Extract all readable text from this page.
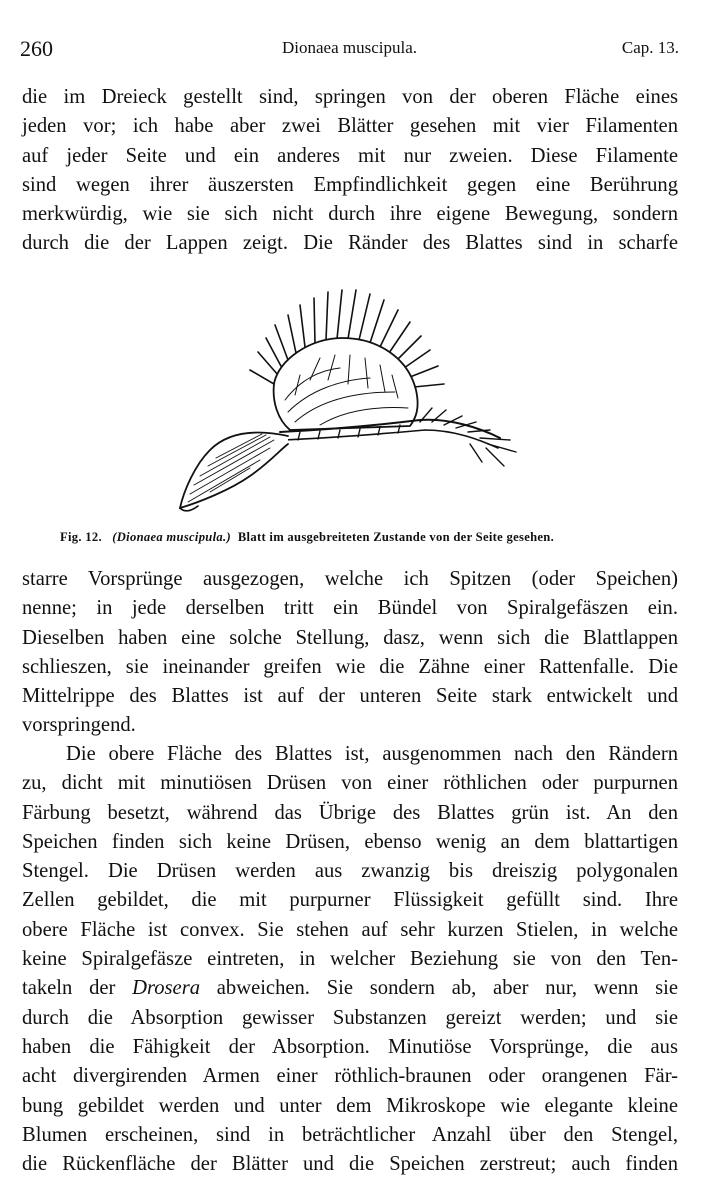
260	Dionaea muscipula.	Cap. 13.
die im Dreieck gestellt sind, springen von der oberen Fläche eines
jeden vor; ich habe aber zwei Blätter gesehen mit vier Filamenten
auf jeder Seite und ein anderes mit nur zweien. Diese Filamente
sind wegen ihrer äuszersten Empfindlichkeit gegen eine Berührung
merkwürdig, wie sie sich nicht durch ihre eigene Bewegung, sondern
durch die der Lappen zeigt. Die Ränder des Blattes sind in scharfe
Fig. 12. (Dionaea muscipula.) Blatt im ausgebreiteten Zustande von der Seite gesehen.
starre Vorsprünge ausgezogen, welche ich Spitzen (oder Speichen)
nenne; in jede derselben tritt ein Bündel von Spiralgefäszen ein.
Dieselben haben eine solche Stellung, dasz, wenn sich die Blattlappen
schlieszen, sie ineinander greifen wie die Zähne einer Rattenfalle. Die
Mittelrippe des Blattes ist auf der unteren Seite stark entwickelt und
vorspringend.
Die obere Fläche des Blattes ist, ausgenommen nach den Rändern
zu, dicht mit minutiösen Drüsen von einer röthlichen oder purpurnen
Färbung besetzt, während das Übrige des Blattes grün ist. An den
Speichen finden sich keine Drüsen, ebenso wenig an dem blattartigen
Stengel. Die Drüsen werden aus zwanzig bis dreiszig polygonalen
Zellen gebildet, die mit purpurner Flüssigkeit gefüllt sind. Ihre
obere Fläche ist convex. Sie stehen auf sehr kurzen Stielen, in welche
keine Spiralgefäsze eintreten, in welcher Beziehung sie von den Ten-
takeln der Drosera abweichen. Sie sondern ab, aber nur, wenn sie
durch die Absorption gewisser Substanzen gereizt werden; und sie
haben die Fähigkeit der Absorption. Minutiöse Vorsprünge, die aus
acht divergirenden Armen einer röthlich-braunen oder orangenen Fär-
bung gebildet werden und unter dem Mikroskope wie elegante kleine
Blumen erscheinen, sind in beträchtlicher Anzahl über den Stengel,
die Rückenfläche der Blätter und die Speichen zerstreut; auch finden
